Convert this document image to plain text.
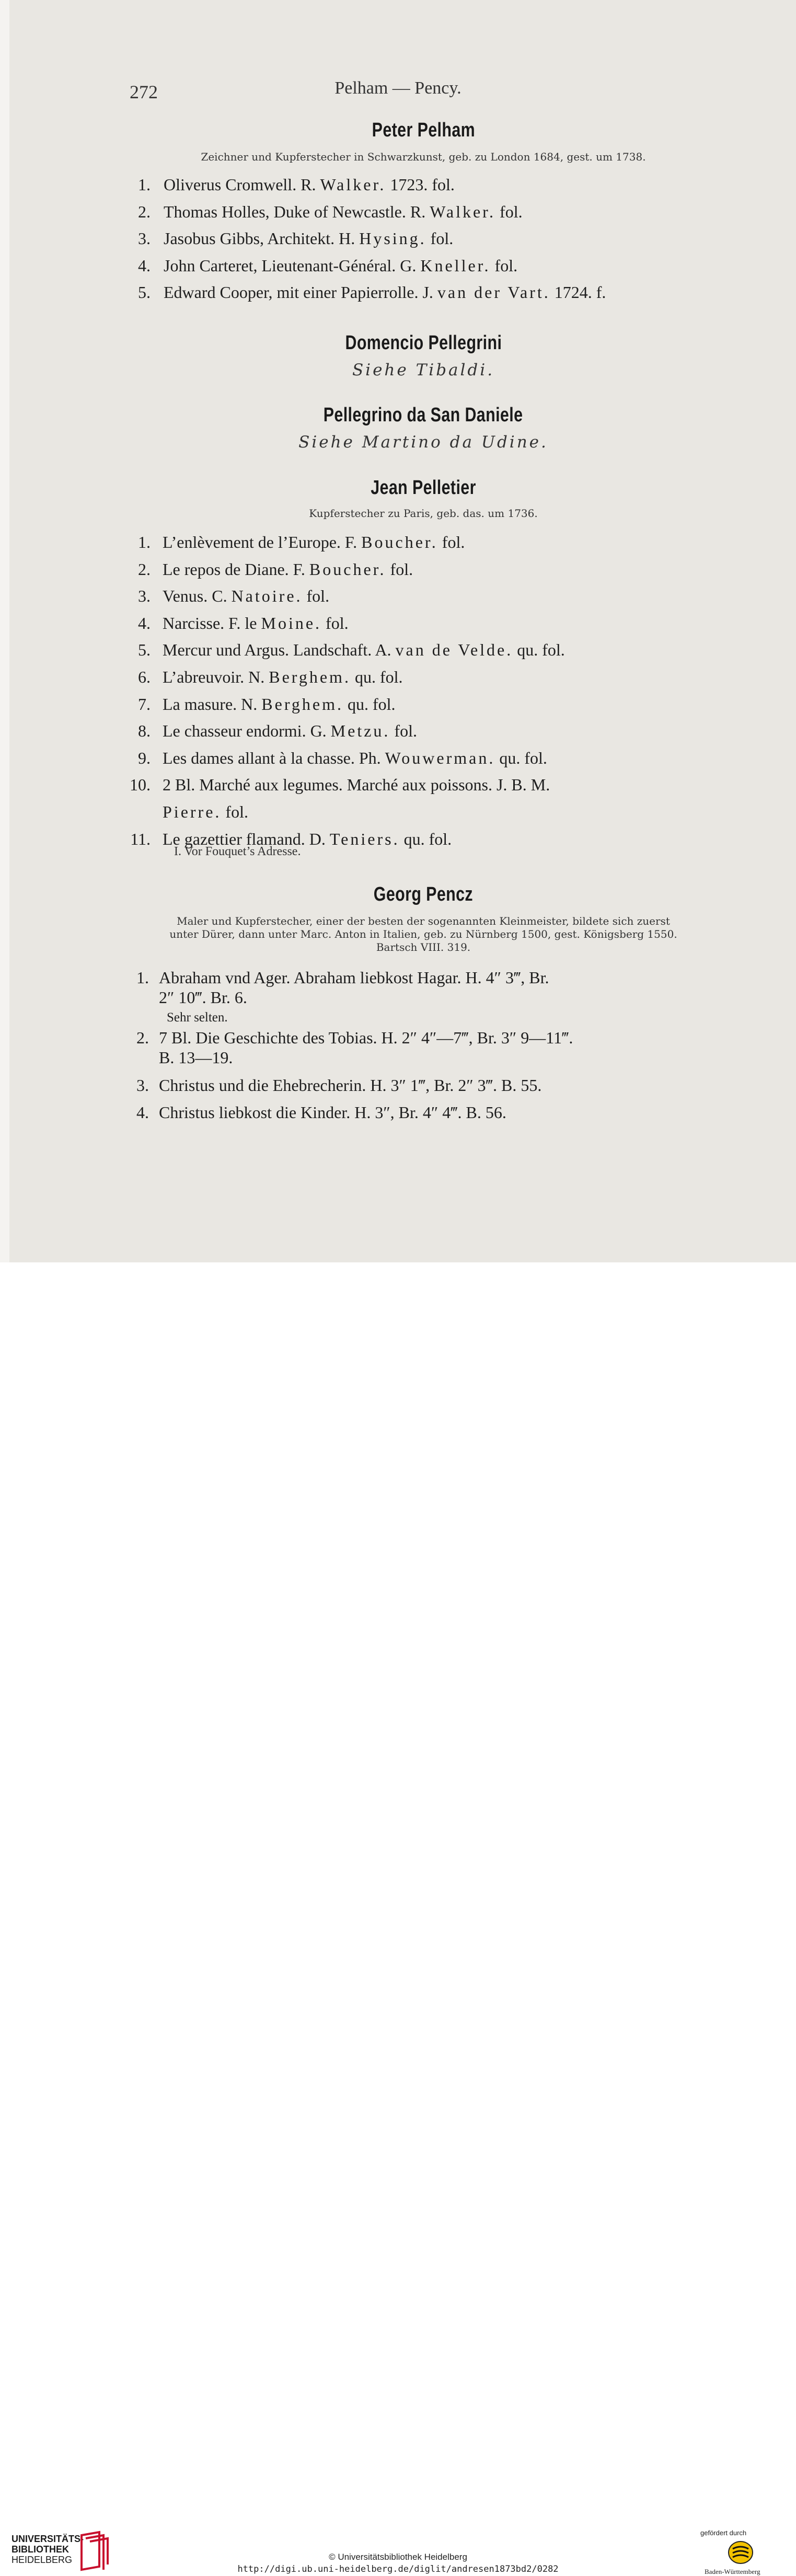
272	Pelham — Pency.
Peter Pelham
Zeichner und Kupferstecher in Schwarzkunst, geb. zu London 1684, gest. um 1738.
1. Oliverus Cromwell. R. Walker. 1723. fol.
2. Thomas Holles, Duke of Newcastle. R. Walker. fol.
3. Jasobus Gibbs, Architekt. H. Hysing. fol.
4. John Carteret, Lieutenant-Général. G. Kneller. fol.
5. Edward Cooper, mit einer Papierrolle. J. van der Vart. 1724. f.
Domencio Pellegrini
Siehe Tibaldi.
Pellegrino da San Daniele
Siehe Martino da Udine.
Jean Pelletier
Kupferstecher zu Paris, geb. das. um 1736.
1. L’enlèvement de l’Europe. F. Boucher. fol.
2. Le repos de Diane. F. Boucher. fol.
3. Venus. C. Natoire. fol.
4. Narcisse. F. le Moine. fol.
5. Mercur und Argus. Landschaft. A. van de Velde. qu. fol.
6. L’abreuvoir. N. Berghem. qu. fol.
7. La masure. N. Berghem. qu. fol.
8. Le chasseur endormi. G. Metzu. fol.
9. Les dames allant à la chasse. Ph. Wouwerman. qu. fol.
10. 2 Bl. Marché aux legumes. Marché aux poissons. J. B. M.
Pierre. fol.
11. Le gazettier flamand. D. Teniers. qu. fol.
I. Vor Fouquet’s Adresse.
Georg Pencz
Maler und Kupferstecher, einer der besten der sogenannten Kleinmeister, bildete sich zuerst
unter Dürer, dann unter Marc. Anton in Italien, geb. zu Nürnberg 1500, gest. Königsberg 1550.
Bartsch VIII. 319.
1. Abraham vnd Ager. Abraham liebkost Hagar. H. 4″ 3‴, Br.
2″ 10‴. Br. 6.
Sehr selten.
2. 7 Bl. Die Geschichte des Tobias. H. 2″ 4″—7‴, Br. 3″ 9—11‴.
B. 13—19.
3. Christus und die Ehebrecherin. H. 3″ 1‴, Br. 2″ 3‴. B. 55.
4. Christus liebkost die Kinder. H. 3″, Br. 4″ 4‴. B. 56.
UNIVERSITÄTS-
BIBLIOTHEK
HEIDELBERG	© Universitätsbibliothek Heidelberg
http://digi.ub.uni-heidelberg.de/diglit/andresen1873bd2/0282
gefördert durch
Baden-Württemberg
